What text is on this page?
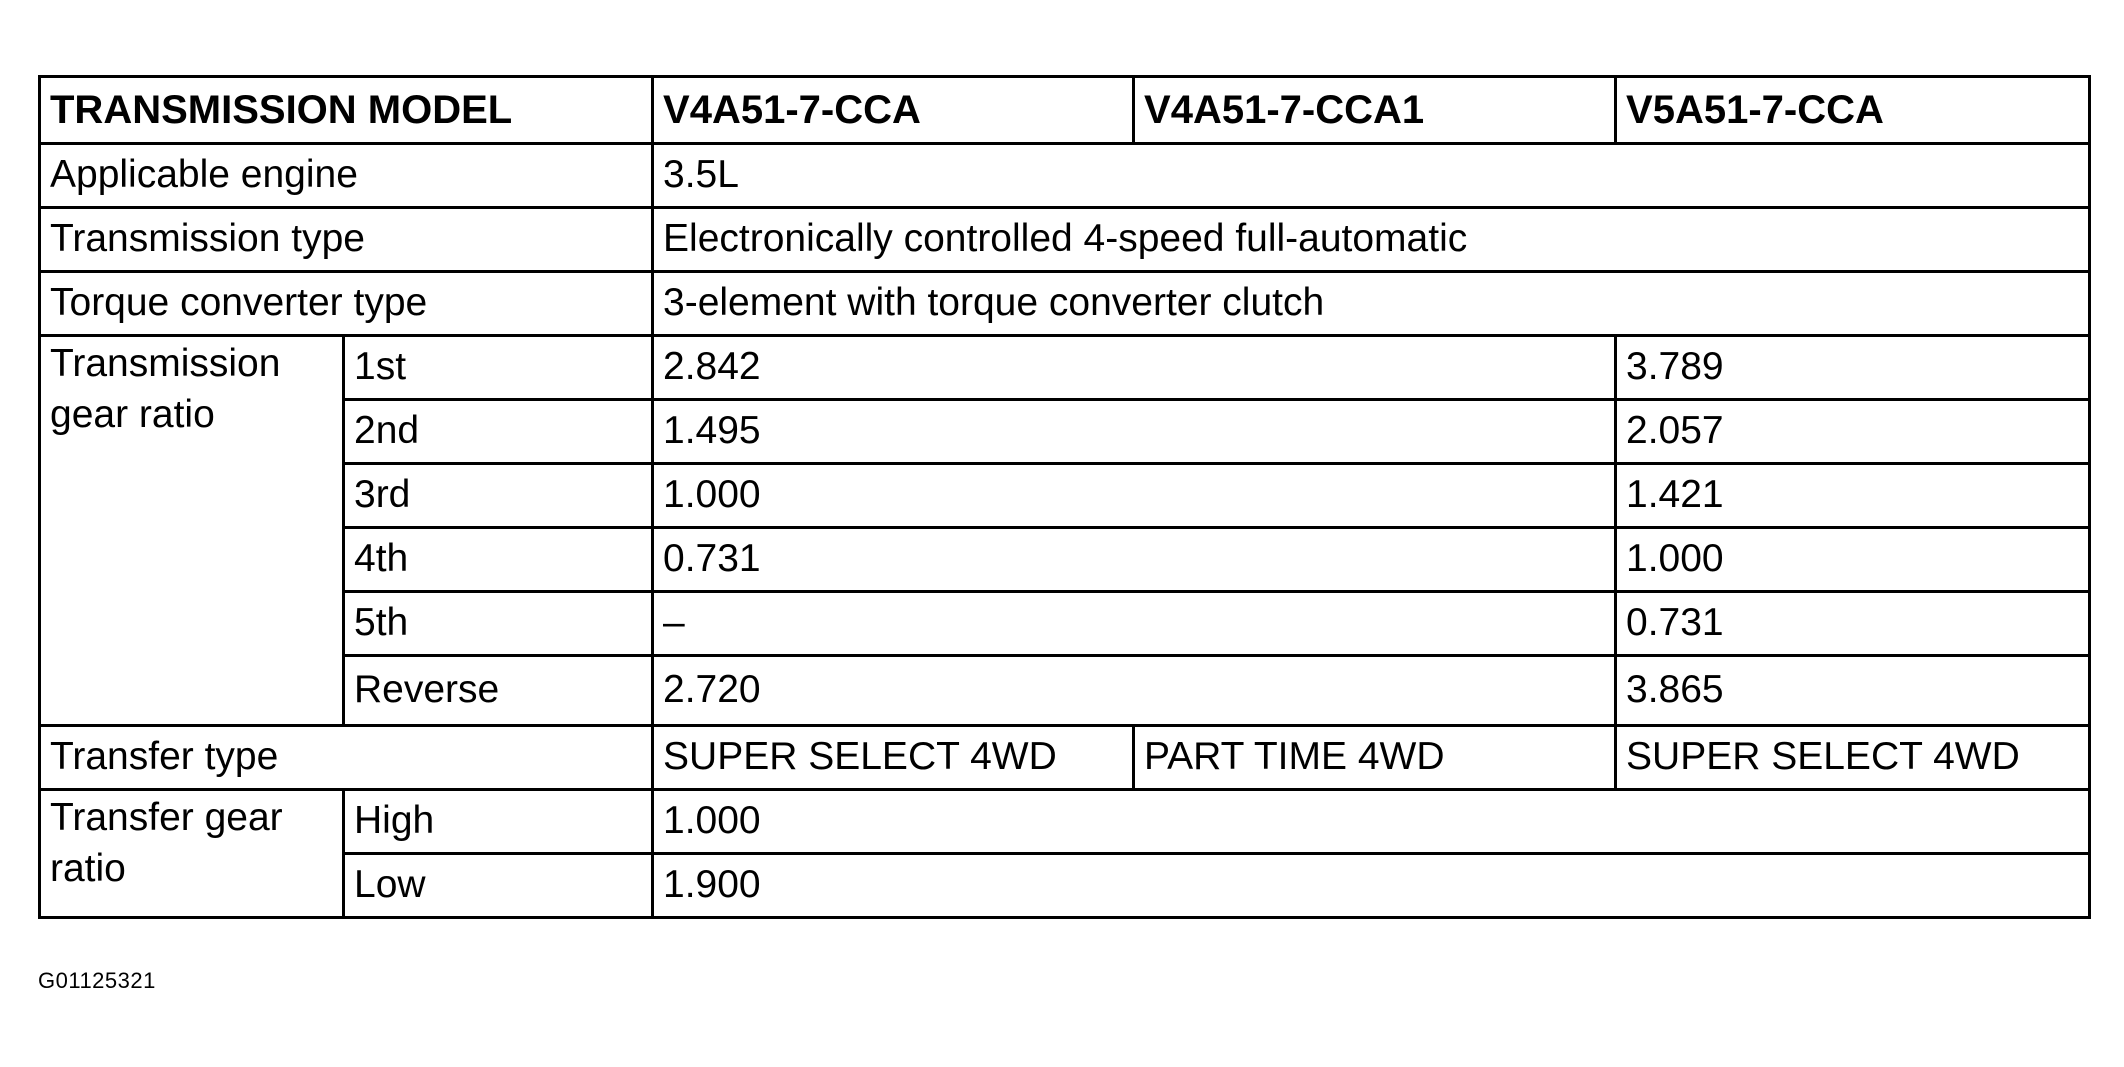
TRANSMISSION MODEL		V4A51-7-CCA	V4A51-7-CCA1	V5A51-7-CCA
Applicable engine		3.5L		
Transmission type		Electronically controlled 4-speed full-automatic		
Torque converter type		3-element with torque converter clutch		
Transmission gear ratio	1st	2.842		3.789
	2nd	1.495		2.057
	3rd	1.000		1.421
	4th	0.731		1.000
	5th	–		0.731
	Reverse	2.720		3.865
Transfer type		SUPER SELECT 4WD	PART TIME 4WD	SUPER SELECT 4WD
Transfer gear ratio	High	1.000		
	Low	1.900		
G01125321
